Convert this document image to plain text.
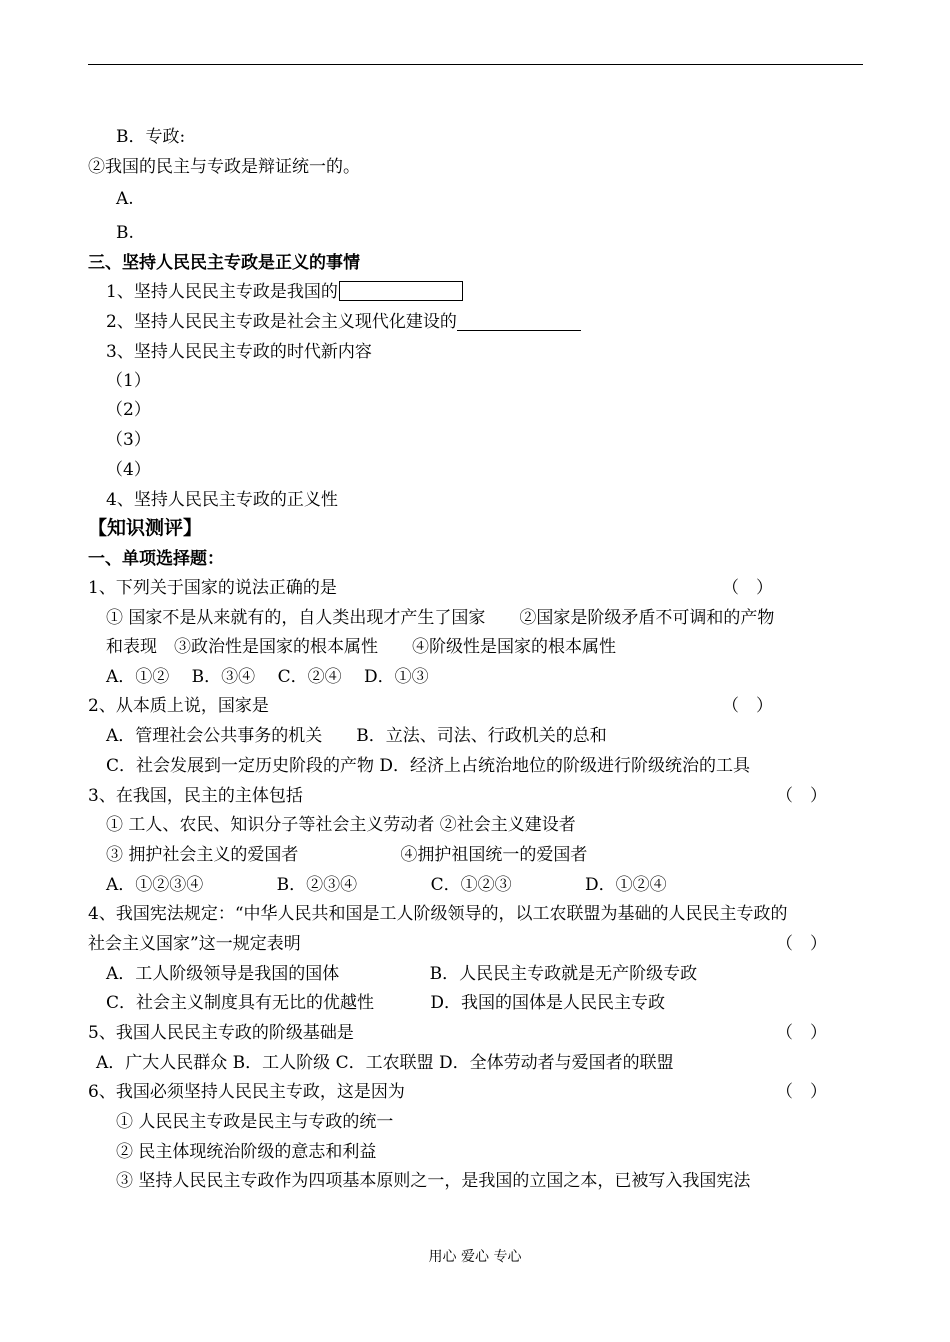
B．专政:
②我国的民主与专政是辩证统一的。
A.
B.
三、坚持人民民主专政是正义的事情
1、坚持人民民主专政是我国的
2、坚持人民民主专政是社会主义现代化建设的
3、坚持人民民主专政的时代新内容
（1）
（2）
（3）
（4）
4、坚持人民民主专政的正义性
【知识测评】
一、单项选择题：
1、下列关于国家的说法正确的是	（　）
① 国家不是从来就有的，自人类出现才产生了国家　　②国家是阶级矛盾不可调和的产物
和表现　③政治性是国家的根本属性　　④阶级性是国家的根本属性
A．①②　 B．③④　 C．②④　 D．①③
2、从本质上说，国家是	（　）
A．管理社会公共事务的机关　　B．立法、司法、行政机关的总和
C．社会发展到一定历史阶段的产物 D．经济上占统治地位的阶级进行阶级统治的工具
3、在我国，民主的主体包括	（　）
① 工人、农民、知识分子等社会主义劳动者 ②社会主义建设者
③ 拥护社会主义的爱国者　　　　　　④拥护祖国统一的爱国者
A．①②③④　　　　 B．②③④　　　　 C．①②③　　　　 D．①②④
4、我国宪法规定：“中华人民共和国是工人阶级领导的，以工农联盟为基础的人民民主专政的
社会主义国家”这一规定表明	（　）
A．工人阶级领导是我国的国体　　　　　 B．人民民主专政就是无产阶级专政
C．社会主义制度具有无比的优越性　　　 D．我国的国体是人民民主专政
5、我国人民民主专政的阶级基础是	（　）
A．广大人民群众 B．工人阶级 C．工农联盟 D．全体劳动者与爱国者的联盟
6、我国必须坚持人民民主专政，这是因为	（　）
① 人民民主专政是民主与专政的统一
② 民主体现统治阶级的意志和利益
③ 坚持人民民主专政作为四项基本原则之一，是我国的立国之本，已被写入我国宪法
用心 爱心 专心
